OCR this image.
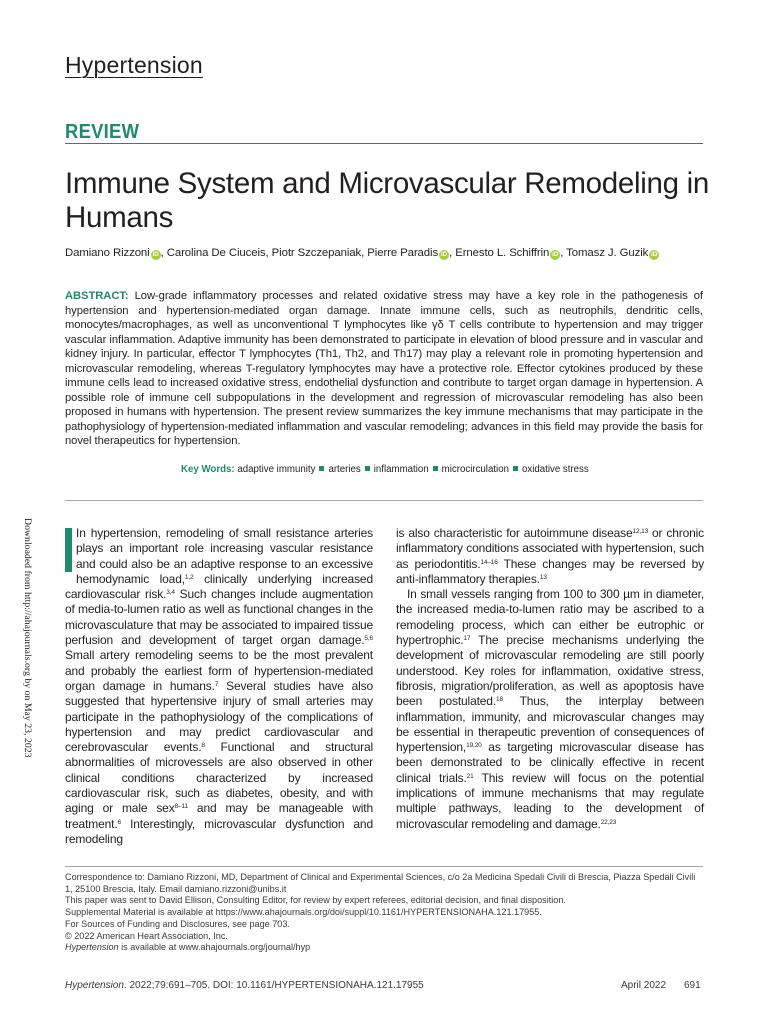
Hypertension
REVIEW
Immune System and Microvascular Remodeling in Humans
Damiano Rizzoni iD , Carolina De Ciuceis, Piotr Szczepaniak, Pierre Paradis iD , Ernesto L. Schiffrin iD , Tomasz J. Guzik iD
ABSTRACT: Low-grade inflammatory processes and related oxidative stress may have a key role in the pathogenesis of hypertension and hypertension-mediated organ damage. Innate immune cells, such as neutrophils, dendritic cells, monocytes/macrophages, as well as unconventional T lymphocytes like γδ T cells contribute to hypertension and may trigger vascular inflammation. Adaptive immunity has been demonstrated to participate in elevation of blood pressure and in vascular and kidney injury. In particular, effector T lymphocytes (Th1, Th2, and Th17) may play a relevant role in promoting hypertension and microvascular remodeling, whereas T-regulatory lymphocytes may have a protective role. Effector cytokines produced by these immune cells lead to increased oxidative stress, endothelial dysfunction and contribute to target organ damage in hypertension. A possible role of immune cell subpopulations in the development and regression of microvascular remodeling has also been proposed in humans with hypertension. The present review summarizes the key immune mechanisms that may participate in the pathophysiology of hypertension-mediated inflammation and vascular remodeling; advances in this field may provide the basis for novel therapeutics for hypertension.
Key Words: adaptive immunity arteries inflammation microcirculation oxidative stress
Downloaded from http://ahajournals.org by on May 23, 2023	In hypertension, remodeling of small resistance arteries plays an important role increasing vascular resistance and could also be an adaptive response to an excessive hemodynamic load,$^{1,2}$ clinically underlying increased cardiovascular risk.$^{3,4}$ Such changes include augmentation of media-to-lumen ratio as well as functional changes in the microvasculature that may be associated to impaired tissue perfusion and development of target organ damage.$^{5,6}$ Small artery remodeling seems to be the most prevalent and probably the earliest form of hypertension-mediated organ damage in humans.$^7$ Several studies have also suggested that hypertensive injury of small arteries may participate in the pathophysiology of the complications of hypertension and may predict cardiovascular and cerebrovascular events.$^8$ Functional and structural abnormalities of microvessels are also observed in other clinical conditions characterized by increased cardiovascular risk, such as diabetes, obesity, and with aging or male sex$^{8-11}$ and may be manageable with treatment.$^6$ Interestingly, microvascular dysfunction and remodeling

is also characteristic for autoimmune disease$^{12,13}$ or chronic inflammatory conditions associated with hypertension, such as periodontitis.$^{14-16}$ These changes may be reversed by anti-inflammatory therapies.$^{13}$

In small vessels ranging from 100 to 300 µm in diameter, the increased media-to-lumen ratio may be ascribed to a remodeling process, which can either be eutrophic or hypertrophic.$^{17}$ The precise mechanisms underlying the development of microvascular remodeling are still poorly understood. Key roles for inflammation, oxidative stress, fibrosis, migration/proliferation, as well as apoptosis have been postulated.$^{18}$ Thus, the interplay between inflammation, immunity, and microvascular changes may be essential in therapeutic prevention of consequences of hypertension,$^{19,20}$ as targeting microvascular disease has been demonstrated to be clinically effective in recent clinical trials.$^{21}$ This review will focus on the potential implications of immune mechanisms that may regulate multiple pathways, leading to the development of microvascular remodeling and damage.$^{22,23}$

Correspondence to: Damiano Rizzoni, MD, Department of Clinical and Experimental Sciences, c/o 2a Medicina Spedali Civili di Brescia, Piazza Spedali Civili 1, 25100 Brescia, Italy. Email damiano.rizzoni@unibs.it
This paper was sent to David Ellison, Consulting Editor, for review by expert referees, editorial decision, and final disposition.
Supplemental Material is available at https://www.ahajournals.org/doi/suppl/10.1161/HYPERTENSIONAHA.121.17955.
For Sources of Funding and Disclosures, see page 703.
© 2022 American Heart Association, Inc.
Hypertension is available at www.ahajournals.org/journal/hyp
Hypertension. 2022;79:691–705. DOI: 10.1161/HYPERTENSIONAHA.121.17955	April 2022 691
